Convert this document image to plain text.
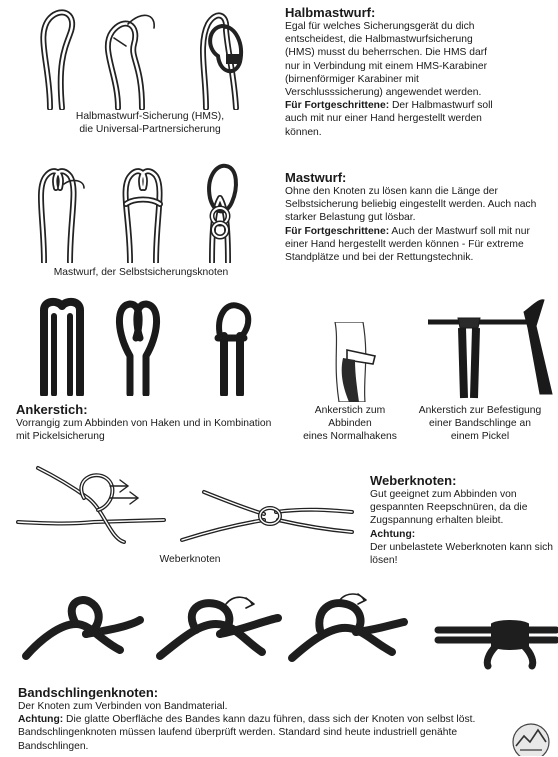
Halbmastwurf-Sicherung (HMS),
die Universal-Partnersicherung
Halbmastwurf:

Egal für welches Sicherungsgerät du dich entscheidest, die Halbmastwurfsicherung (HMS) musst du beherrschen. Die HMS darf nur in Verbindung mit einem HMS-Karabiner (birnenförmiger Karabiner mit Verschlusssicherung) angewendet werden.

Für Fortgeschrittene: Der Halbmastwurf soll auch mit nur einer Hand hergestellt werden können.

Mastwurf, der Selbstsicherungsknoten
Mastwurf:

Ohne den Knoten zu lösen kann die Länge der Selbstsicherung beliebig eingestellt werden. Auch nach starker Belastung gut lösbar.

Für Fortgeschrittene: Auch der Mastwurf soll mit nur einer Hand hergestellt werden können - Für extreme Standplätze und bei der Rettungstechnik.

Ankerstich:

Vorrangig zum Abbinden von Haken und in Kombination mit Pickelsicherung

Ankerstich zum
Abbinden
eines Normalhakens
Ankerstich zur Befestigung
einer Bandschlinge an
einem Pickel
Weberknoten
Weberknoten:

Gut geeignet zum Abbinden von gespannten Reepschnüren, da die Zugspannung erhalten bleibt.

Achtung:

Der unbelastete Weberknoten kann sich lösen!

Bandschlingenknoten:

Der Knoten zum Verbinden von Bandmaterial.

Achtung: Die glatte Oberfläche des Bandes kann dazu führen, dass sich der Knoten von selbst löst. Bandschlingenknoten müssen laufend überprüft werden. Standard sind heute industriell genähte Bandschlingen.
